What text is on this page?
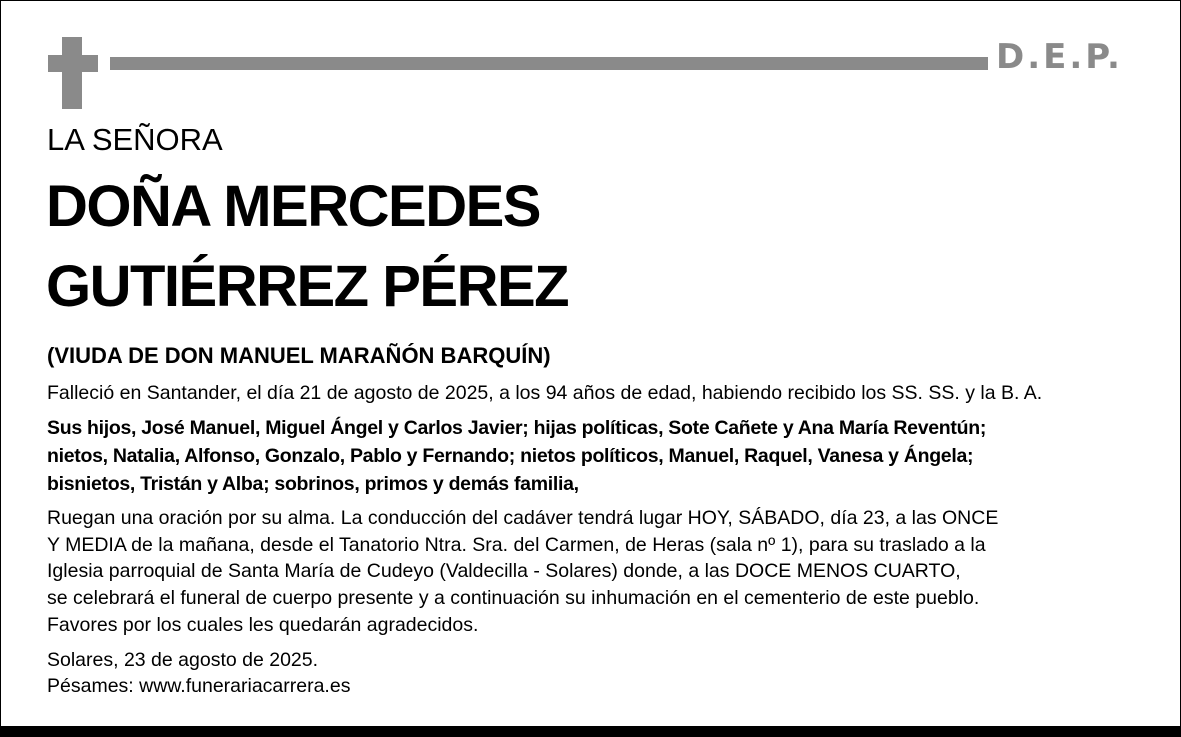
D.E.P.
LA SEÑORA
DOÑA MERCEDES
GUTIÉRREZ PÉREZ
(VIUDA DE DON MANUEL MARAÑÓN BARQUÍN)
Falleció en Santander, el día 21 de agosto de 2025, a los 94 años de edad, habiendo recibido los SS. SS. y la B. A.
Sus hijos, José Manuel, Miguel Ángel y Carlos Javier; hijas políticas, Sote Cañete y Ana María Reventún;
nietos, Natalia, Alfonso, Gonzalo, Pablo y Fernando; nietos políticos, Manuel, Raquel, Vanesa y Ángela;
bisnietos, Tristán y Alba; sobrinos, primos y demás familia,
Ruegan una oración por su alma. La conducción del cadáver tendrá lugar HOY, SÁBADO, día 23, a las ONCE
Y MEDIA de la mañana, desde el Tanatorio Ntra. Sra. del Carmen, de Heras (sala nº 1), para su traslado a la
Iglesia parroquial de Santa María de Cudeyo (Valdecilla - Solares) donde, a las DOCE MENOS CUARTO,
se celebrará el funeral de cuerpo presente y a continuación su inhumación en el cementerio de este pueblo.
Favores por los cuales les quedarán agradecidos.
Solares, 23 de agosto de 2025.
Pésames: www.funerariacarrera.es
